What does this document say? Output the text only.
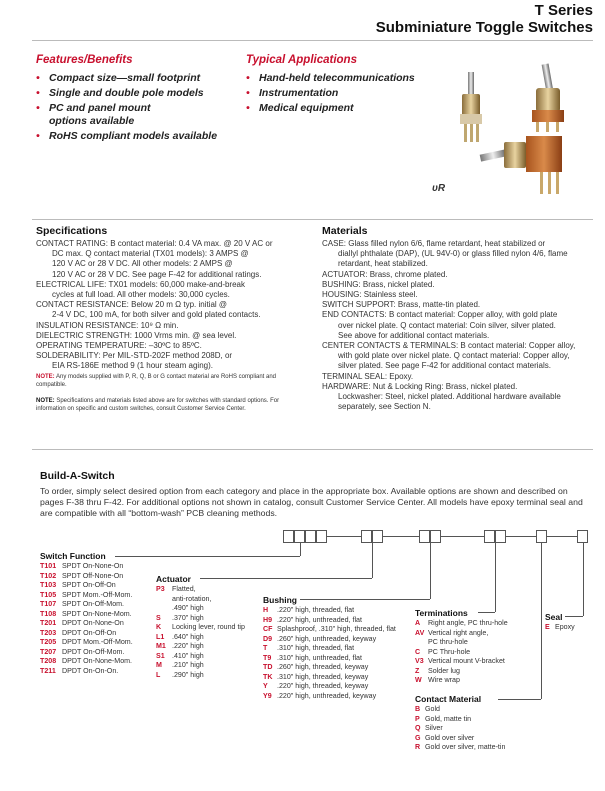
T Series
Subminiature Toggle Switches
Features/Benefits
• Compact size—small footprint
• Single and double pole models
• PC and panel mount
options available
• RoHS compliant models available
Typical Applications
• Hand-held telecommunications
• Instrumentation
• Medical equipment
ᴜR
Specifications

CONTACT RATING: B contact material: 0.4 VA max. @ 20 V AC or

DC max. Q contact material (TX01 models): 3 AMPS @

120 V AC or 28 V DC. All other models: 2 AMPS @

120 V AC or 28 V DC. See page F-42 for additional ratings.

ELECTRICAL LIFE: TX01 models: 60,000 make-and-break

cycles at full load. All other models: 30,000 cycles.

CONTACT RESISTANCE: Below 20 m Ω typ. initial @

2-4 V DC, 100 mA, for both silver and gold plated contacts.

INSULATION RESISTANCE: 10⁹ Ω min.

DIELECTRIC STRENGTH: 1000 Vrms min. @ sea level.

OPERATING TEMPERATURE: –30ºC to 85ºC.

SOLDERABILITY: Per MIL-STD-202F method 208D, or

EIA RS-186E method 9 (1 hour steam aging).

NOTE: Any models supplied with P, R, Q, B or G contact material are RoHS compliant and compatible.
NOTE: Specifications and materials listed above are for switches with standard options. For information on specific and custom switches, consult Customer Service Center.
Materials

CASE: Glass filled nylon 6/6, flame retardant, heat stabilized or

diallyl phthalate (DAP), (UL 94V-0) or glass filled nylon 4/6, flame

retardant, heat stabilized.

ACTUATOR: Brass, chrome plated.

BUSHING: Brass, nickel plated.

HOUSING: Stainless steel.

SWITCH SUPPORT: Brass, matte-tin plated.

END CONTACTS: B contact material: Copper alloy, with gold plate

over nickel plate. Q contact material: Coin silver, silver plated.

See above for additional contact materials.

CENTER CONTACTS & TERMINALS: B contact material: Copper alloy,

with gold plate over nickel plate. Q contact material: Copper alloy,

silver plated. See page F-42 for additional contact materials.

TERMINAL SEAL: Epoxy.

HARDWARE: Nut & Locking Ring: Brass, nickel plated.

Lockwasher: Steel, nickel plated. Additional hardware available

separately, see Section N.

Build-A-Switch
To order, simply select desired option from each category and place in the appropriate box. Available options are shown and described on pages F-38 thru F-42. For additional options not shown in catalog, consult Customer Service Center. All models have epoxy terminal seal and are compatible with all “bottom-wash” PCB cleaning methods.
Switch Function
T101 SPDT On-None-On
T102 SPDT Off-None-On
T103 SPDT On-Off-On
T105 SPDT Mom.-Off-Mom.
T107 SPDT On-Off-Mom.
T108 SPDT On-None-Mom.
T201 DPDT On-None-On
T203 DPDT On-Off-On
T205 DPDT Mom.-Off-Mom.
T207 DPDT On-Off-Mom.
T208 DPDT On-None-Mom.
T211 DPDT On-On-On.
Actuator
P3 Flatted,
anti-rotation,
.490" high
S .370" high
K Locking lever, round tip
L1 .640" high
M1 .220" high
S1 .410" high
M .210" high
L .290" high
Bushing
H .220" high, threaded, flat
H9 .220" high, unthreaded, flat
CF Splashproof, .310" high, threaded, flat
D9 .260" high, unthreaded, keyway
T .310" high, threaded, flat
T9 .310" high, unthreaded, flat
TD .260" high, threaded, keyway
TK .310" high, threaded, keyway
Y .220" high, threaded, keyway
Y9 .220" high, unthreaded, keyway
Terminations
A Right angle, PC thru-hole
AV Vertical right angle,
PC thru-hole
C PC Thru-hole
V3 Vertical mount V-bracket
Z Solder lug
W Wire wrap
Contact Material
B Gold
P Gold, matte tin
Q Silver
G Gold over silver
R Gold over silver, matte-tin
Seal
E Epoxy
